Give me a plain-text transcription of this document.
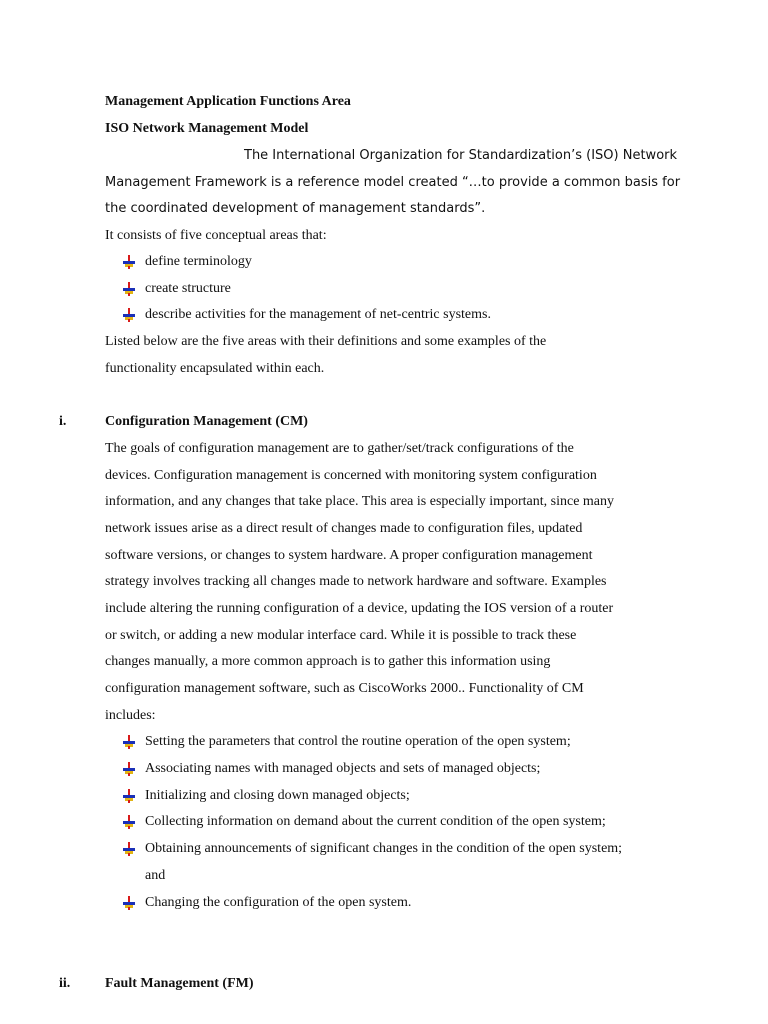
Management Application Functions Area
ISO Network Management Model
The International Organization for Standardization’s (ISO) Network
Management Framework is a reference model created “…to provide a common basis for
the coordinated development of management standards”.
It consists of five conceptual areas that:
define terminology
create structure
describe activities for the management of net-centric systems.
Listed below are the five areas with their definitions and some examples of the
functionality encapsulated within each.
i.	Configuration Management (CM)
The goals of configuration management are to gather/set/track configurations of the
devices. Configuration management is concerned with monitoring system configuration
information, and any changes that take place. This area is especially important, since many
network issues arise as a direct result of changes made to configuration files, updated
software versions, or changes to system hardware. A proper configuration management
strategy involves tracking all changes made to network hardware and software. Examples
include altering the running configuration of a device, updating the IOS version of a router
or switch, or adding a new modular interface card. While it is possible to track these
changes manually, a more common approach is to gather this information using
configuration management software, such as CiscoWorks 2000.. Functionality of CM
includes:
Setting the parameters that control the routine operation of the open system;
Associating names with managed objects and sets of managed objects;
Initializing and closing down managed objects;
Collecting information on demand about the current condition of the open system;
Obtaining announcements of significant changes in the condition of the open system;
and
Changing the configuration of the open system.
ii. Fault Management (FM)
